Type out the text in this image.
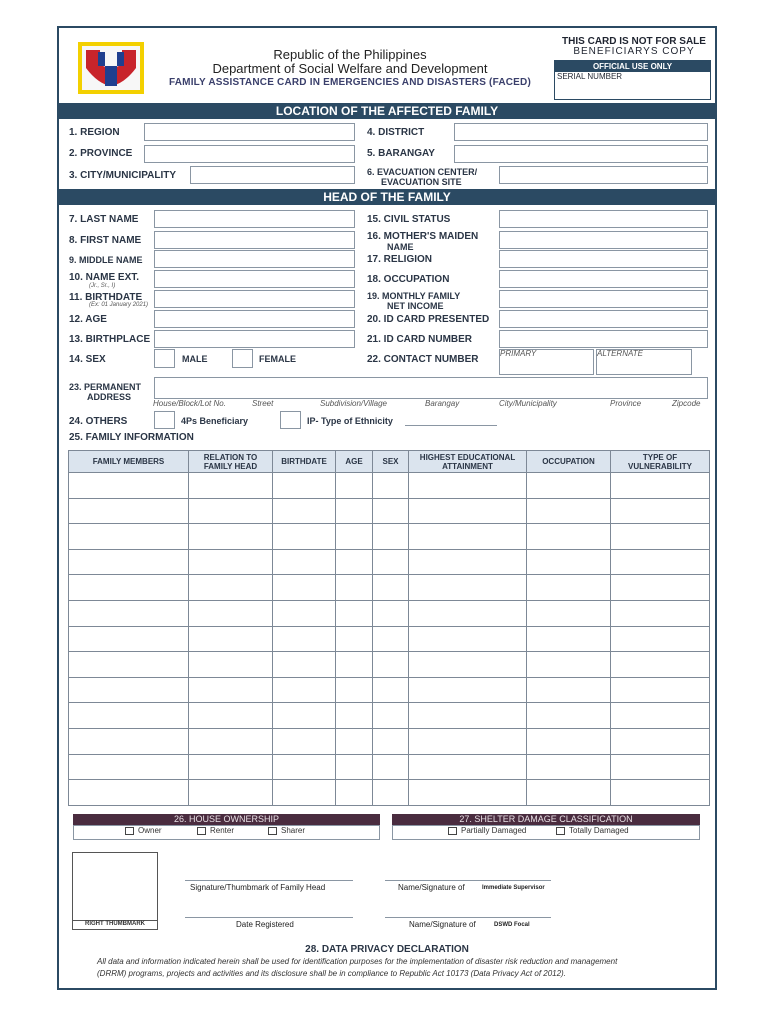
Republic of the Philippines
Department of Social Welfare and Development
FAMILY ASSISTANCE CARD IN EMERGENCIES AND DISASTERS (FACED)
THIS CARD IS NOT FOR SALE
BENEFICIARYS COPY
OFFICIAL USE ONLY
SERIAL NUMBER
LOCATION OF THE AFFECTED FAMILY
1. REGION
2. PROVINCE
3. CITY/MUNICIPALITY
4. DISTRICT
5. BARANGAY
6. EVACUATION CENTER/
EVACUATION SITE
HEAD OF THE FAMILY
7. LAST NAME
8. FIRST NAME
9. MIDDLE NAME
10. NAME EXT.
(Jr., Sr., I)
11. BIRTHDATE
(Ex: 01 January 2021)
12. AGE
13. BIRTHPLACE
14. SEX	MALE	FEMALE
15. CIVIL STATUS
16. MOTHER'S MAIDEN
NAME
17. RELIGION
18. OCCUPATION
19. MONTHLY FAMILY
NET INCOME
20. ID CARD PRESENTED
21. ID CARD NUMBER
22. CONTACT NUMBER
PRIMARY	ALTERNATE
23. PERMANENT
ADDRESS
House/Block/Lot No.	Street	Subdivision/Village	Barangay	City/Municipality	Province	Zipcode
24. OTHERS	4Ps Beneficiary	IP- Type of Ethnicity
25. FAMILY INFORMATION
FAMILY MEMBERS	RELATION TO FAMILY HEAD	BIRTHDATE	AGE	SEX	HIGHEST EDUCATIONAL ATTAINMENT	OCCUPATION	TYPE OF VULNERABILITY

26. HOUSE OWNERSHIP
Owner	Renter	Sharer
27. SHELTER DAMAGE CLASSIFICATION
Partially Damaged	Totally Damaged
RIGHT THUMBMARK
Signature/Thumbmark of Family Head	Name/Signature of	Immediate Supervisor
Date Registered	Name/Signature of	DSWD Focal
28. DATA PRIVACY DECLARATION
All data and information indicated herein shall be used for identification purposes for the implementation of disaster risk reduction and management
(DRRM) programs, projects and activities and its disclosure shall be in compliance to Republic Act 10173 (Data Privacy Act of 2012).
